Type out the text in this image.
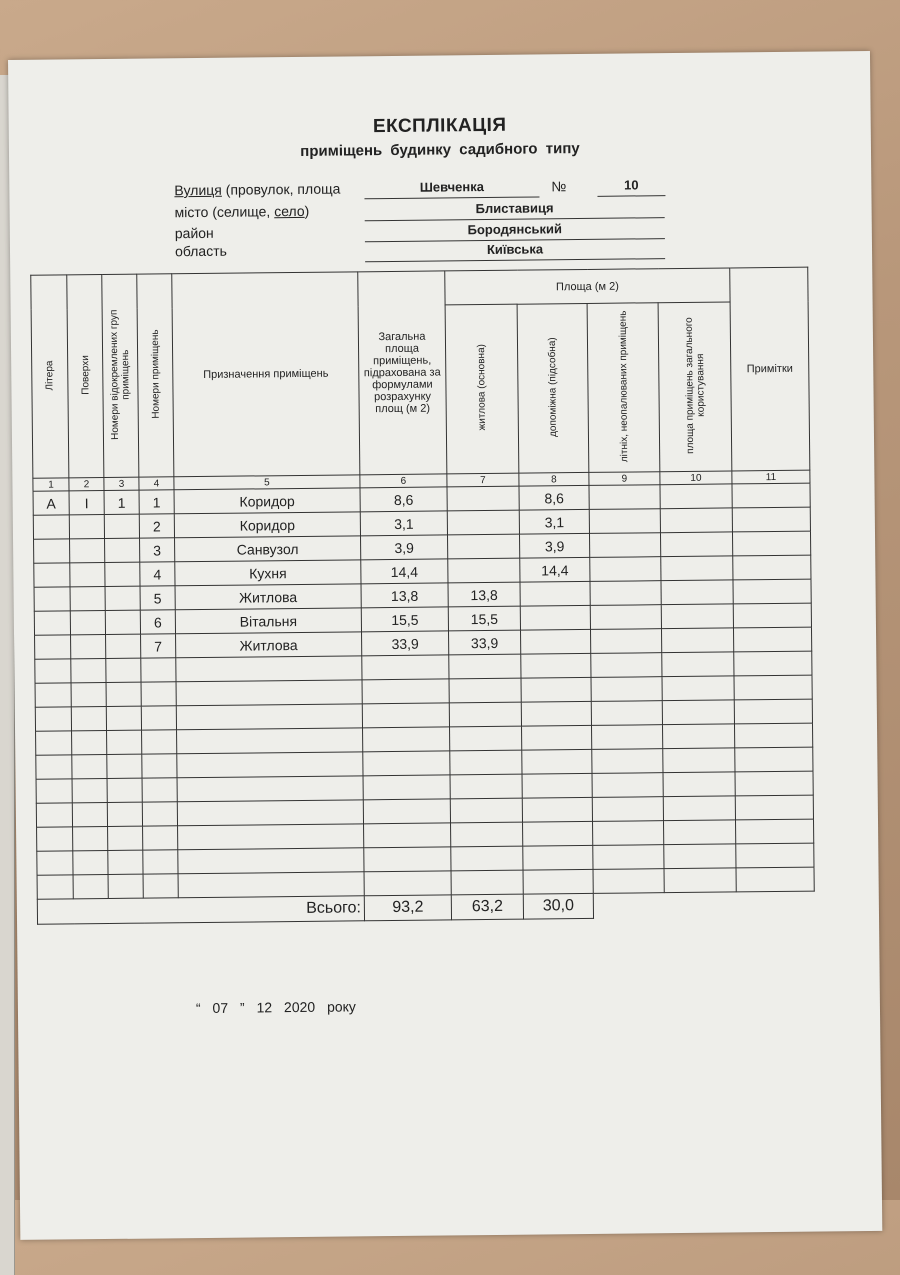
ЕКСПЛІКАЦІЯ
приміщень будинку садибного типу
Вулиця (провулок, площа	Шевченка	№	10
місто (селище, село)	Блиставиця
район	Бородянський
область	Київська
Літера	Поверхи	Номери відокремлених груп приміщень	Номери приміщень	Призначення приміщень	Загальна площа приміщень, підрахована за формулами розрахунку площ (м 2)	Площа (м 2)				Примітки
						житлова (основна)	допоміжна (підсобна)	літніх, неопалюваних приміщень	площа приміщень загального користування	
1	2	3	4	5	6	7	8	9	10	11
А	І	1	1	Коридор	8,6		8,6			
			2	Коридор	3,1		3,1			
			3	Санвузол	3,9		3,9			
			4	Кухня	14,4		14,4			
			5	Житлова	13,8	13,8				
			6	Вітальня	15,5	15,5				
			7	Житлова	33,9	33,9				

Всього:					93,2	63,2	30,0			
“ 07 ” 12 2020 року
